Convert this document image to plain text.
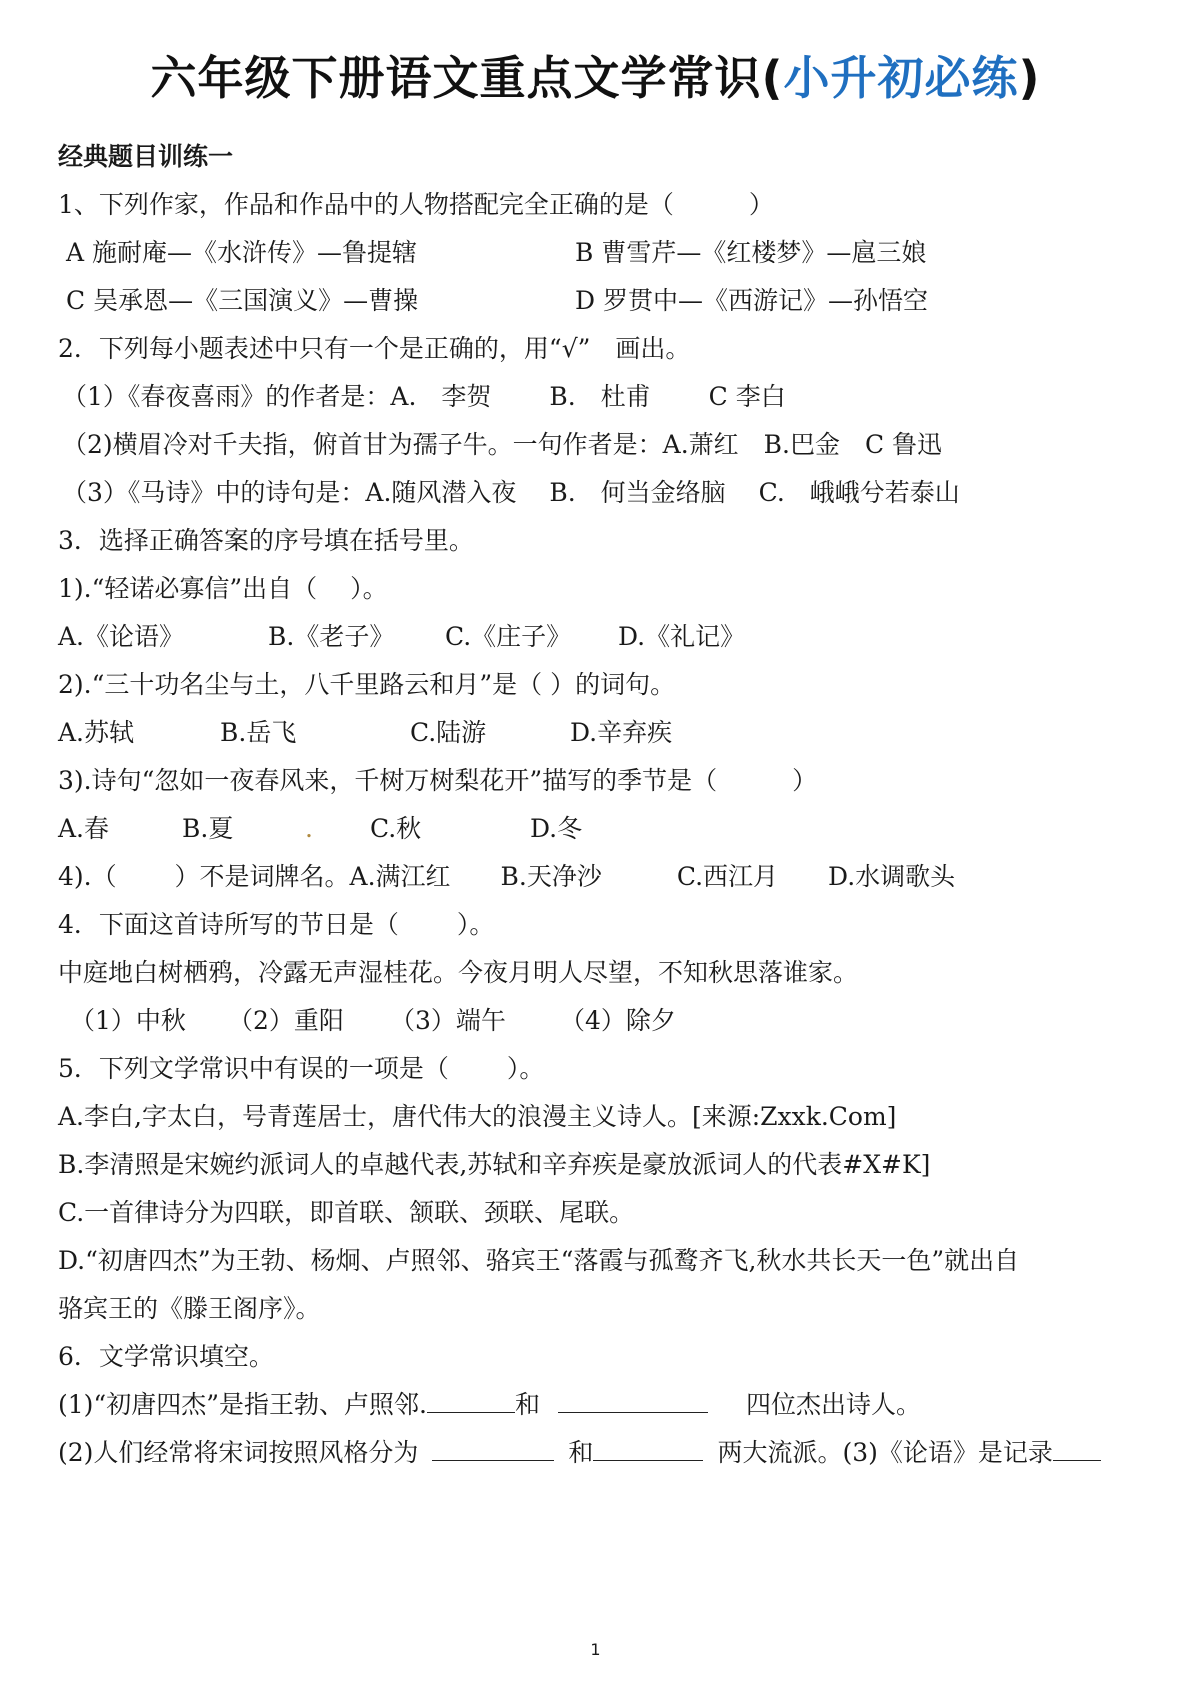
六年级下册语文重点文学常识(小升初必练)
经典题目训练一
1、下列作家，作品和作品中的人物搭配完全正确的是（　　　）
A 施耐庵—《水浒传》—鲁提辖	B 曹雪芹—《红楼梦》—扈三娘
C 吴承恩—《三国演义》—曹操	D 罗贯中—《西游记》—孙悟空
2．下列每小题表述中只有一个是正确的，用“√”　画出。
（1）《春夜喜雨》的作者是：A.　李贺　　 B.　杜甫　　 C 李白
（2)横眉冷对千夫指，俯首甘为孺子牛。一句作者是：A.萧红　B.巴金　C 鲁迅
（3）《马诗》中的诗句是：A.随风潜入夜　 B.　何当金络脑　 C.　峨峨兮若泰山
3．选择正确答案的序号填在括号里。
1).“轻诺必寡信”出自（　 ）。
A.《论语》	B.《老子》 C.《庄子》 D.《礼记》
2).“三十功名尘与土，八千里路云和月”是（ ）的词句。
A.苏轼	B.岳飞	C.陆游	D.辛弃疾
3).诗句“忽如一夜春风来，千树万树梨花开”描写的季节是（　　　）
A.春	B.夏	. C.秋	D.冬
4).（　　 ）不是词牌名。A.满江红　　B.天净沙　　　C.西江月　　D.水调歌头
4．下面这首诗所写的节日是（　　 ）。
中庭地白树栖鸦，冷露无声湿桂花。今夜月明人尽望，不知秋思落谁家。
（1）中秋 （2）重阳 （3）端午 （4）除夕
5．下列文学常识中有误的一项是（　　 ）。
A.李白,字太白，号青莲居士，唐代伟大的浪漫主义诗人。[来源:Zxxk.Com]
B.李清照是宋婉约派词人的卓越代表,苏轼和辛弃疾是豪放派词人的代表#X#K]
C.一首律诗分为四联，即首联、颔联、颈联、尾联。
D.“初唐四杰”为王勃、杨炯、卢照邻、骆宾王“落霞与孤鹜齐飞,秋水共长天一色”就出自
骆宾王的《滕王阁序》。
6．文学常识填空。
(1)“初唐四杰”是指王勃、卢照邻.	和	四位杰出诗人。
(2)人们经常将宋词按照风格分为	和	两大流派。(3)《论语》是记录
1
